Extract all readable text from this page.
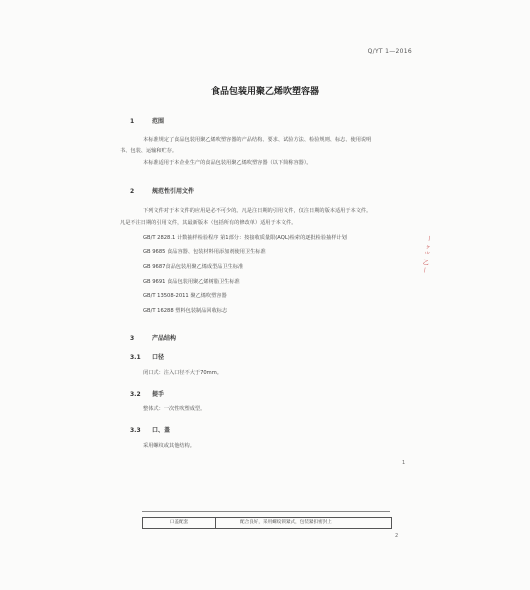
Q/YT 1—2016
食品包装用聚乙烯吹塑容器
1	范围
本标准规定了食品包装用聚乙烯吹塑容器的产品结构、要求、试验方法、检验规则、标志、使用说明
书、包装、运输和贮存。
本标准适用于本企业生产的食品包装用聚乙烯吹塑容器（以下简称容器）。
2	规范性引用文件
下列文件对于本文件的应用是必不可少的。凡是注日期的引用文件，仅注日期的版本适用于本文件。
凡是不注日期的引用文件，其最新版本（包括所有的修改单）适用于本文件。
GB/T 2828.1 计数抽样检验程序 第1部分：按接收质量限(AQL)检索的逐批检验抽样计划
GB 9685 食品容器、包装材料用添加剂使用卫生标准
GB 9687食品包装用聚乙烯成型品卫生标准
GB 9691 食品包装用聚乙烯树脂卫生标准
GB/T 13508-2011 聚乙烯吹塑容器
GB/T 16288 塑料包装制品回收标志
〡
ヶ
⺌
乙
〡
3	产品结构
3.1 口径
闭口式：注入口径不大于70mm。
3.2 提手
整体式：一次性吹塑成型。
3.3 口、盖
采用螺纹或其他结构。
1
口盖配套	配合良好，采用螺纹锁紧式，包装紧扣密封上
2
